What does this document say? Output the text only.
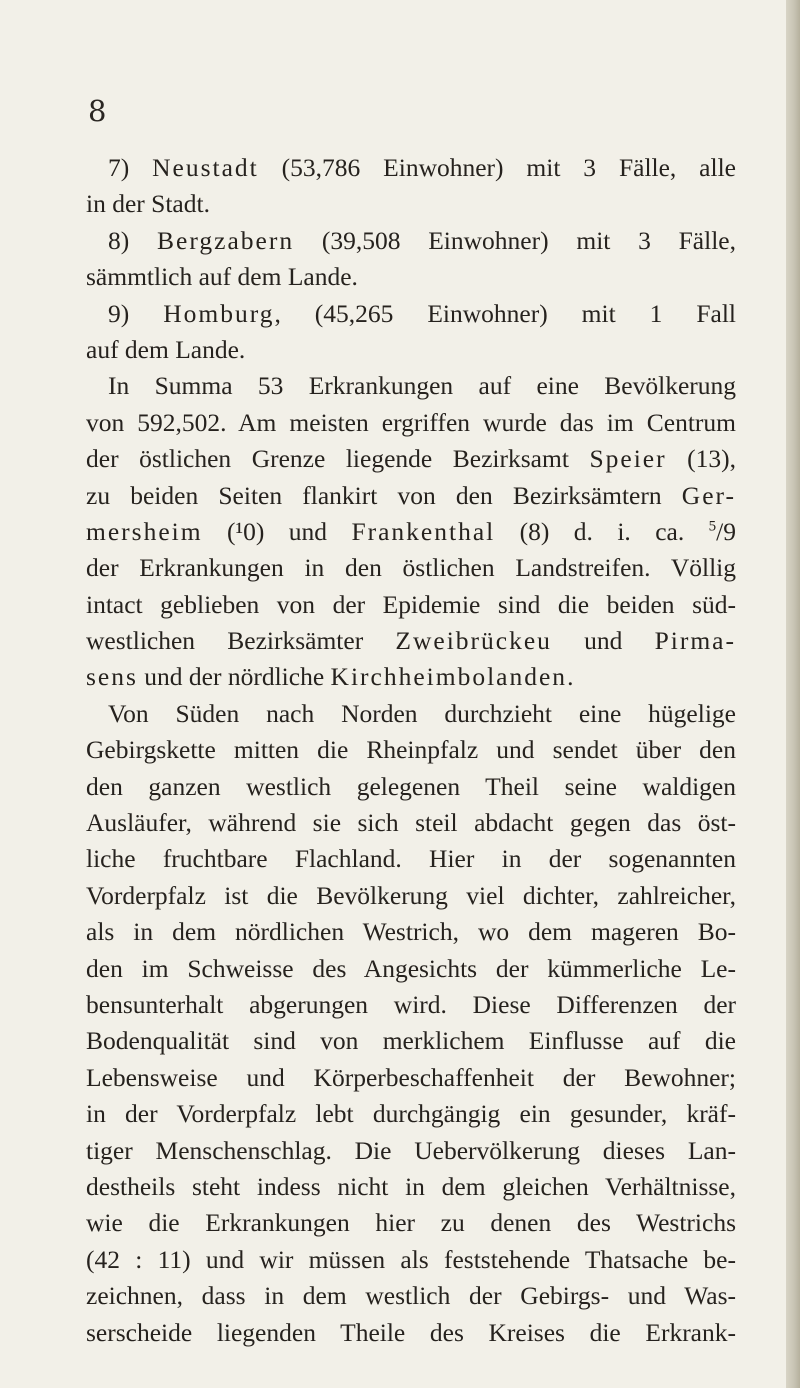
8
7) Neustadt (53,786 Einwohner) mit 3 Fälle, alle
in der Stadt.
8) Bergzabern (39,508 Einwohner) mit 3 Fälle,
sämmtlich auf dem Lande.
9) Homburg, (45,265 Einwohner) mit 1 Fall
auf dem Lande.
In Summa 53 Erkrankungen auf eine Bevölkerung
von 592,502. Am meisten ergriffen wurde das im Centrum
der östlichen Grenze liegende Bezirksamt Speier (13),
zu beiden Seiten flankirt von den Bezirksämtern Ger-
mersheim (¹0) und Frankenthal (8) d. i. ca. $^5$/9
der Erkrankungen in den östlichen Landstreifen. Völlig
intact geblieben von der Epidemie sind die beiden süd-
westlichen Bezirksämter Zweibrückeu und Pirma-
sens und der nördliche Kirchheimbolanden.
Von Süden nach Norden durchzieht eine hügelige
Gebirgskette mitten die Rheinpfalz und sendet über den
den ganzen westlich gelegenen Theil seine waldigen
Ausläufer, während sie sich steil abdacht gegen das öst-
liche fruchtbare Flachland. Hier in der sogenannten
Vorderpfalz ist die Bevölkerung viel dichter, zahlreicher,
als in dem nördlichen Westrich, wo dem mageren Bo-
den im Schweisse des Angesichts der kümmerliche Le-
bensunterhalt abgerungen wird. Diese Differenzen der
Bodenqualität sind von merklichem Einflusse auf die
Lebensweise und Körperbeschaffenheit der Bewohner;
in der Vorderpfalz lebt durchgängig ein gesunder, kräf-
tiger Menschenschlag. Die Uebervölkerung dieses Lan-
destheils steht indess nicht in dem gleichen Verhältnisse,
wie die Erkrankungen hier zu denen des Westrichs
(42 : 11) und wir müssen als feststehende Thatsache be-
zeichnen, dass in dem westlich der Gebirgs- und Was-
serscheide liegenden Theile des Kreises die Erkrank-
